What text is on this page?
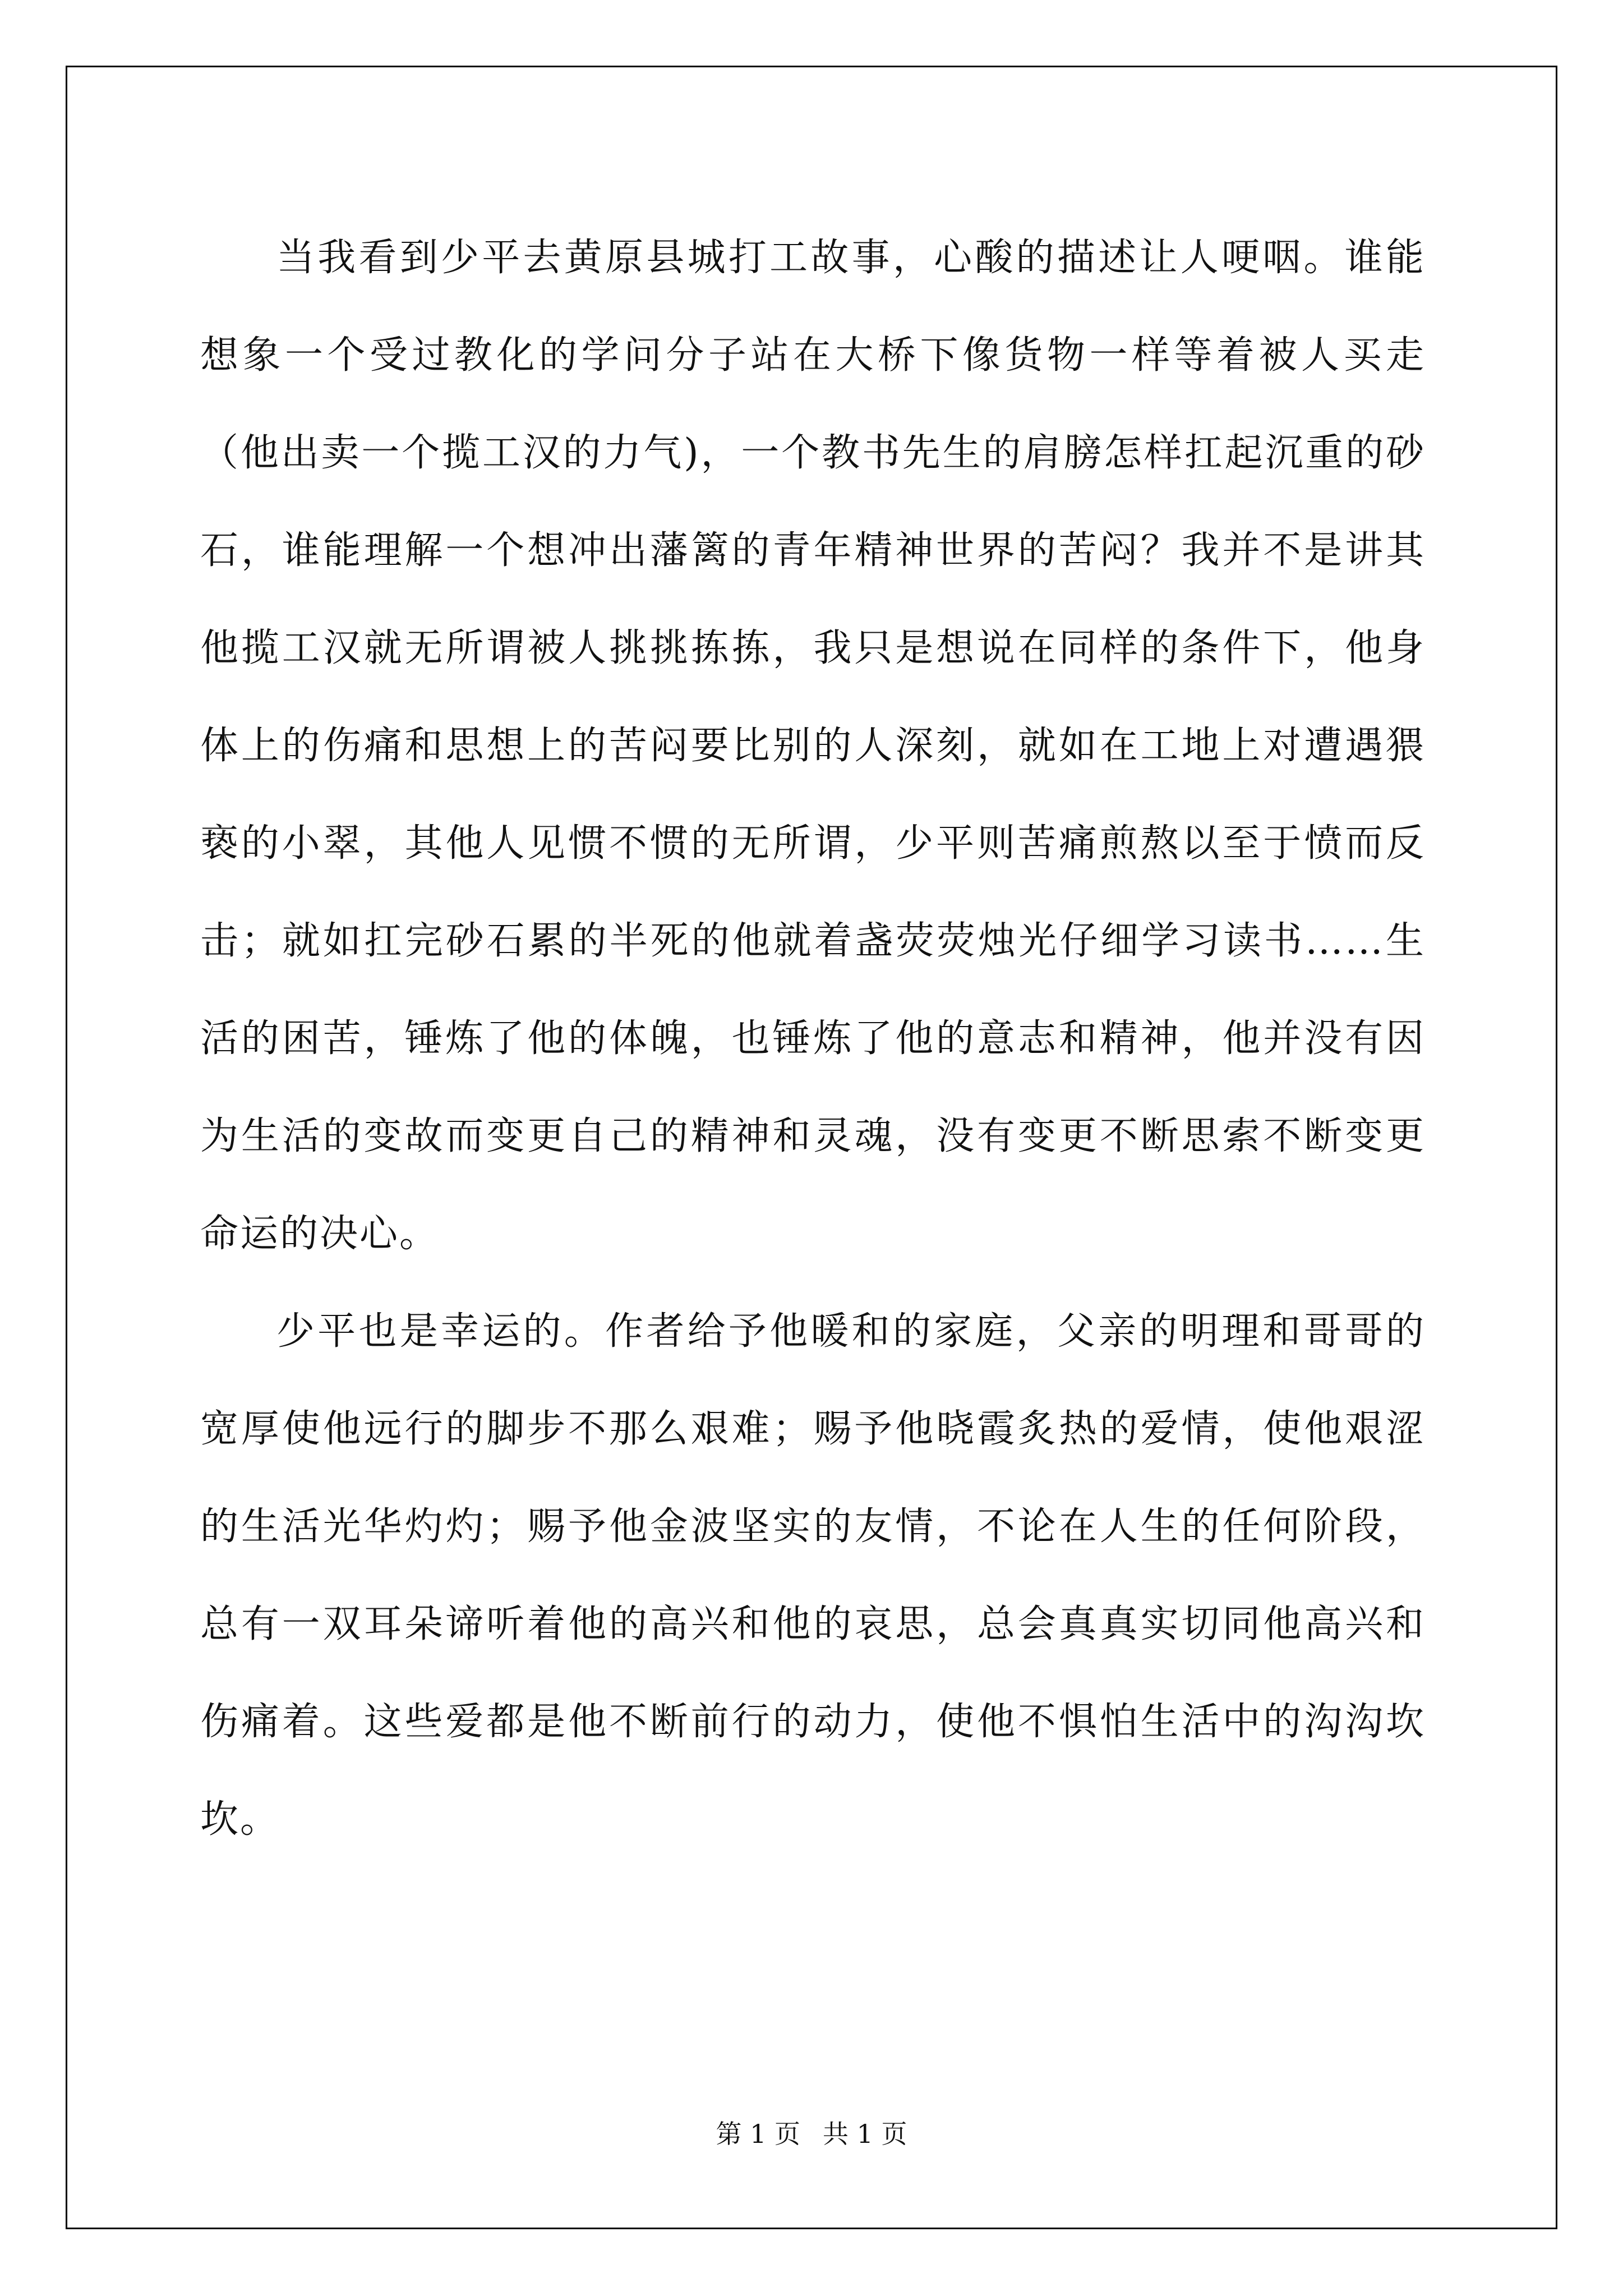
当我看到少平去黄原县城打工故事，心酸的描述让人哽咽。谁能想象一个受过教化的学问分子站在大桥下像货物一样等着被人买走（他出卖一个揽工汉的力气)，一个教书先生的肩膀怎样扛起沉重的砂石，谁能理解一个想冲出藩篱的青年精神世界的苦闷？我并不是讲其他揽工汉就无所谓被人挑挑拣拣，我只是想说在同样的条件下，他身体上的伤痛和思想上的苦闷要比别的人深刻，就如在工地上对遭遇猥亵的小翠，其他人见惯不惯的无所谓，少平则苦痛煎熬以至于愤而反击；就如扛完砂石累的半死的他就着盏荧荧烛光仔细学习读书……生活的困苦，锤炼了他的体魄，也锤炼了他的意志和精神，他并没有因为生活的变故而变更自己的精神和灵魂，没有变更不断思索不断变更命运的决心。

少平也是幸运的。作者给予他暖和的家庭，父亲的明理和哥哥的宽厚使他远行的脚步不那么艰难；赐予他晓霞炙热的爱情，使他艰涩的生活光华灼灼；赐予他金波坚实的友情，不论在人生的任何阶段，总有一双耳朵谛听着他的高兴和他的哀思，总会真真实切同他高兴和伤痛着。这些爱都是他不断前行的动力，使他不惧怕生活中的沟沟坎坎。

第 1 页 共 1 页
